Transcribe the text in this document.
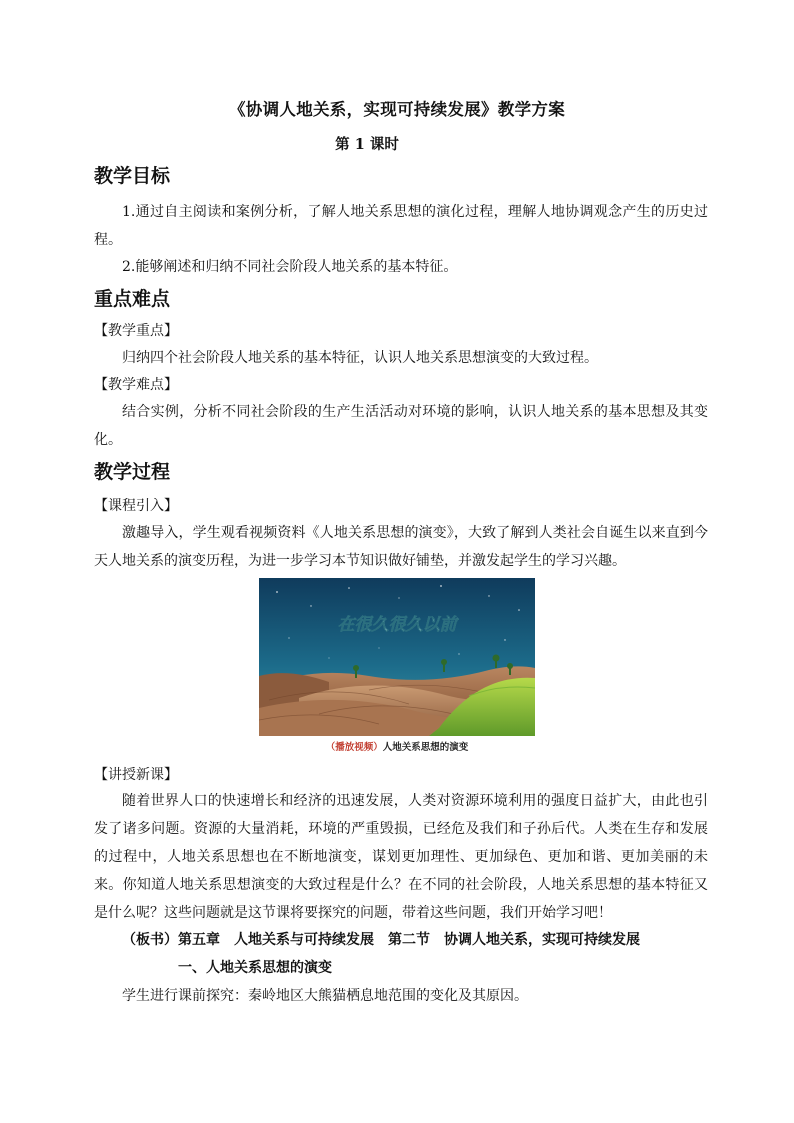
《协调人地关系，实现可持续发展》教学方案
第 1 课时
教学目标
1.通过自主阅读和案例分析，了解人地关系思想的演化过程，理解人地协调观念产生的历史过程。
2.能够阐述和归纳不同社会阶段人地关系的基本特征。
重点难点
【教学重点】
归纳四个社会阶段人地关系的基本特征，认识人地关系思想演变的大致过程。
【教学难点】
结合实例，分析不同社会阶段的生产生活活动对环境的影响，认识人地关系的基本思想及其变化。
教学过程
【课程引入】
激趣导入，学生观看视频资料《人地关系思想的演变》，大致了解到人类社会自诞生以来直到今天人地关系的演变历程，为进一步学习本节知识做好铺垫，并激发起学生的学习兴趣。
在很久很久以前
（播放视频）人地关系思想的演变
【讲授新课】
随着世界人口的快速增长和经济的迅速发展，人类对资源环境利用的强度日益扩大，由此也引发了诸多问题。资源的大量消耗，环境的严重毁损，已经危及我们和子孙后代。人类在生存和发展的过程中，人地关系思想也在不断地演变，谋划更加理性、更加绿色、更加和谐、更加美丽的未来。你知道人地关系思想演变的大致过程是什么？在不同的社会阶段，人地关系思想的基本特征又是什么呢？这些问题就是这节课将要探究的问题，带着这些问题，我们开始学习吧！
（板书）第五章　人地关系与可持续发展　第二节　协调人地关系，实现可持续发展
一、人地关系思想的演变
学生进行课前探究：秦岭地区大熊猫栖息地范围的变化及其原因。
